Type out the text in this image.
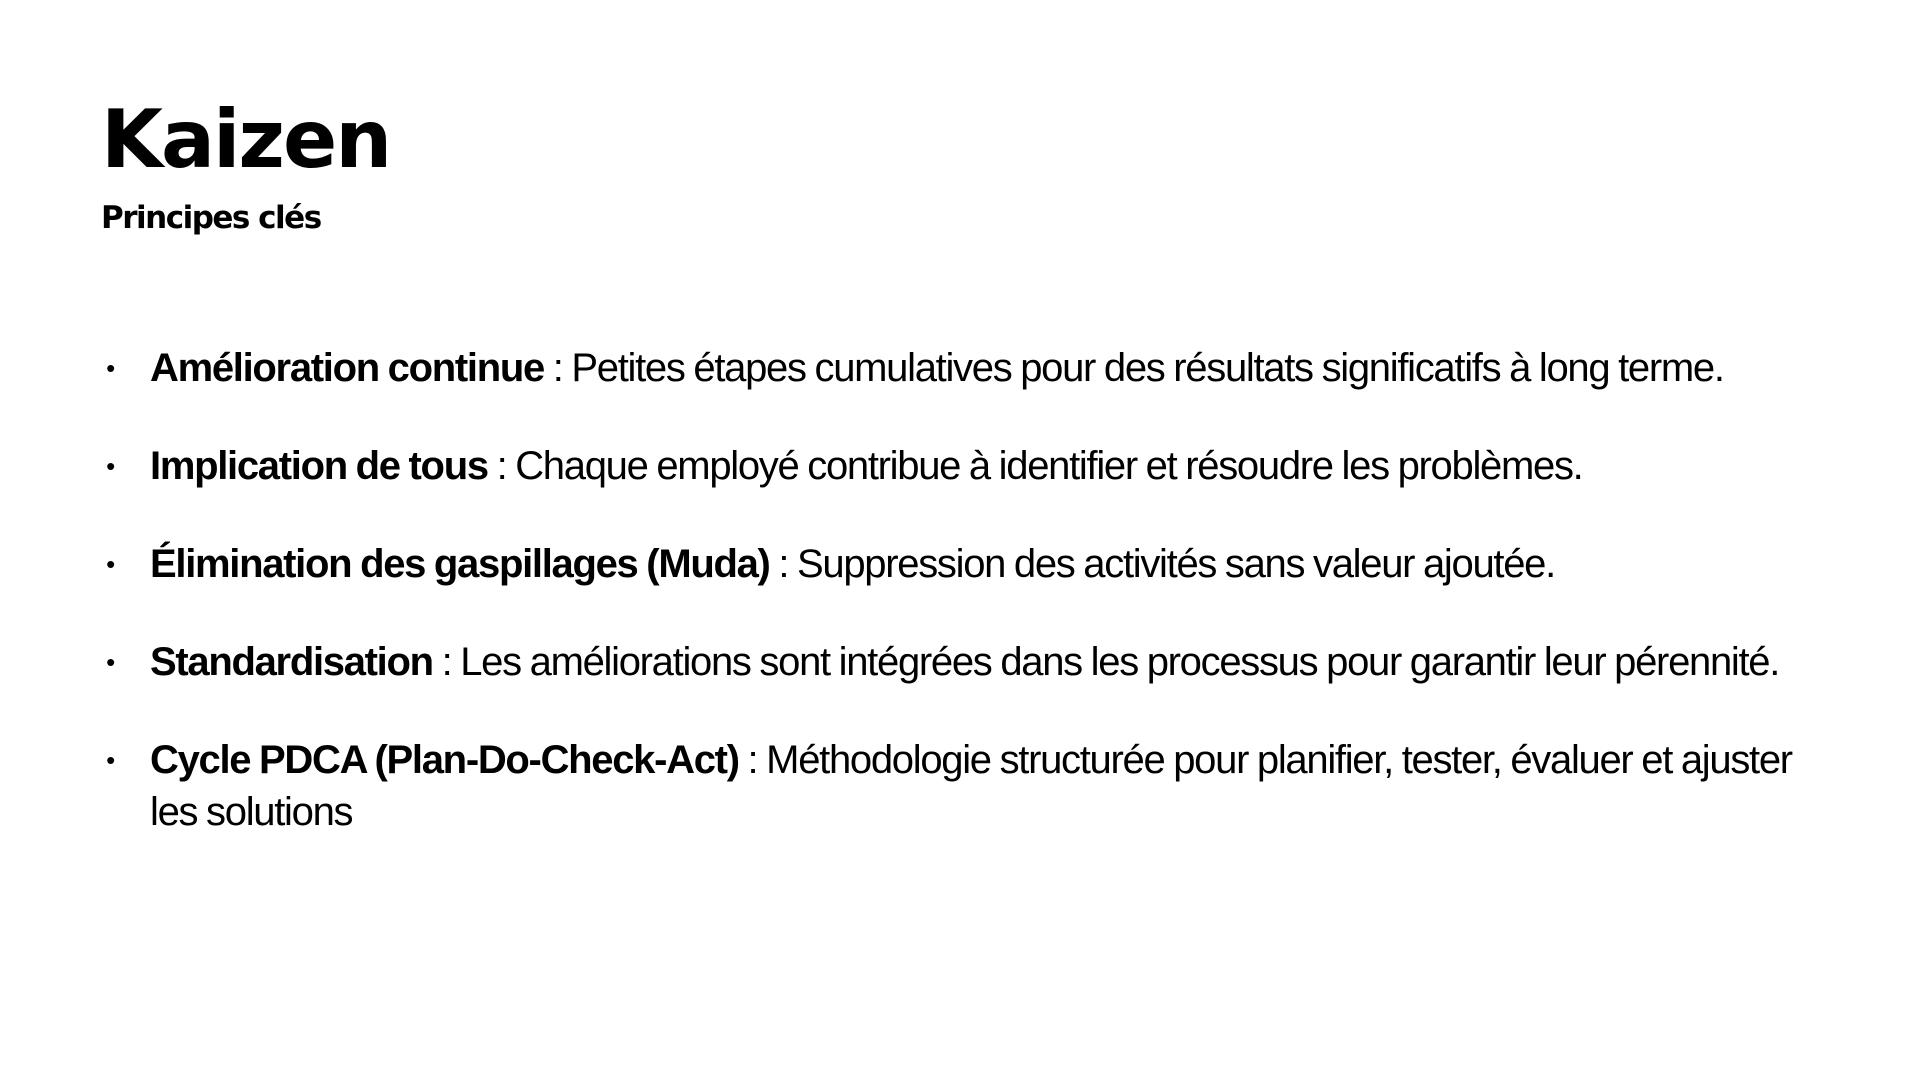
Kaizen
Principes clés
• Amélioration continue : Petites étapes cumulatives pour des résultats significatifs à long terme.
• Implication de tous : Chaque employé contribue à identifier et résoudre les problèmes.
• Élimination des gaspillages (Muda) : Suppression des activités sans valeur ajoutée.
• Standardisation : Les améliorations sont intégrées dans les processus pour garantir leur pérennité.
• Cycle PDCA (Plan-Do-Check-Act) : Méthodologie structurée pour planifier, tester, évaluer et ajuster les solutions
